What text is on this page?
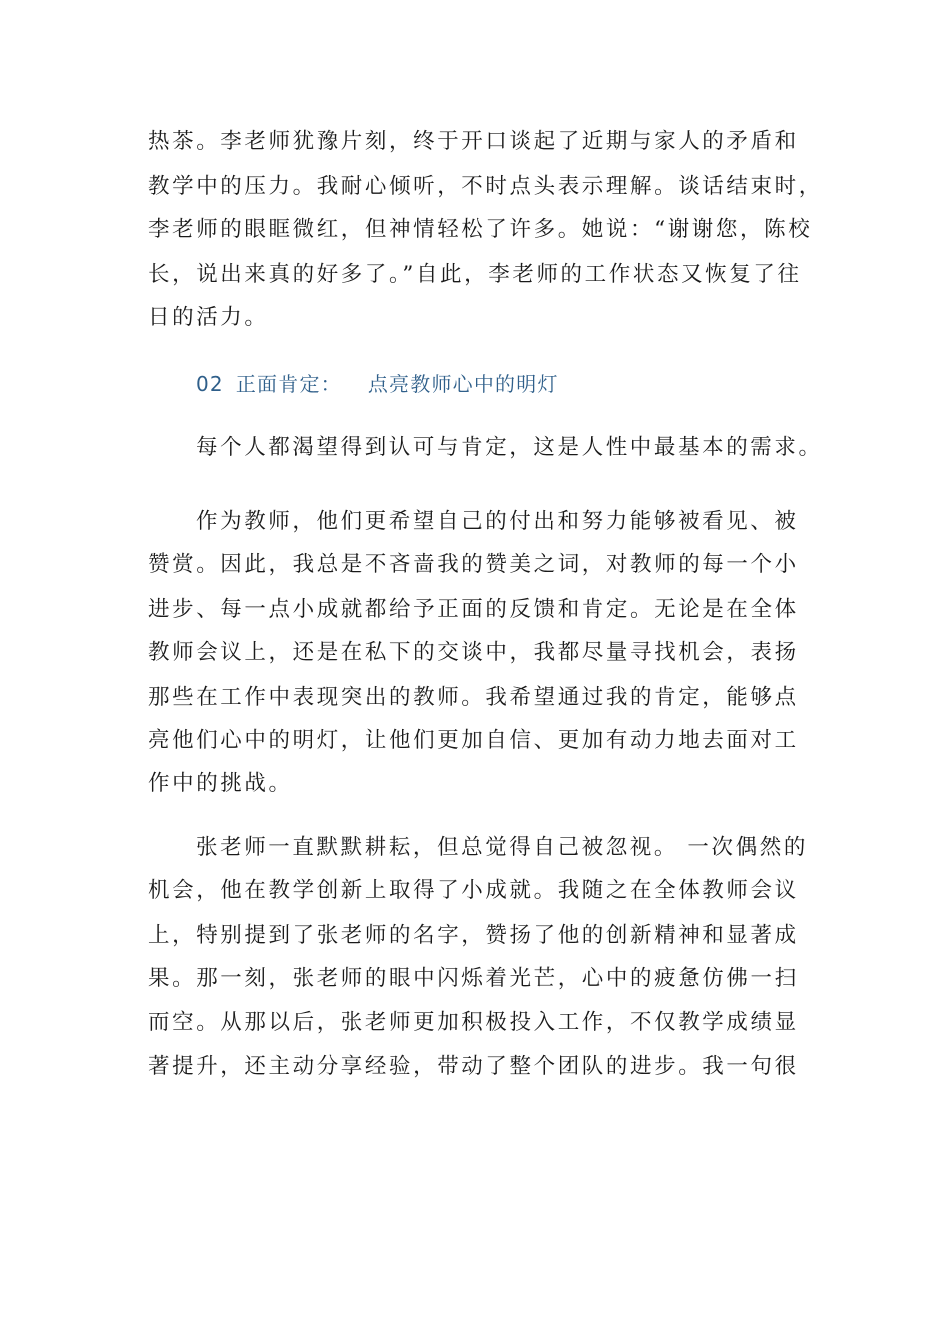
热茶。李老师犹豫片刻，终于开口谈起了近期与家人的矛盾和
教学中的压力。我耐心倾听，不时点头表示理解。谈话结束时，
李老师的眼眶微红，但神情轻松了许多。她说：“谢谢您，陈校
长，说出来真的好多了。”自此，李老师的工作状态又恢复了往
日的活力。
02 正面肯定： 点亮教师心中的明灯
每个人都渴望得到认可与肯定，这是人性中最基本的需求。
作为教师，他们更希望自己的付出和努力能够被看见、被
赞赏。因此，我总是不吝啬我的赞美之词，对教师的每一个小
进步、每一点小成就都给予正面的反馈和肯定。无论是在全体
教师会议上，还是在私下的交谈中，我都尽量寻找机会，表扬
那些在工作中表现突出的教师。我希望通过我的肯定，能够点
亮他们心中的明灯，让他们更加自信、更加有动力地去面对工
作中的挑战。
张老师一直默默耕耘，但总觉得自己被忽视。 一次偶然的
机会，他在教学创新上取得了小成就。我随之在全体教师会议
上，特别提到了张老师的名字，赞扬了他的创新精神和显著成
果。那一刻，张老师的眼中闪烁着光芒，心中的疲惫仿佛一扫
而空。从那以后，张老师更加积极投入工作，不仅教学成绩显
著提升，还主动分享经验，带动了整个团队的进步。我一句很
